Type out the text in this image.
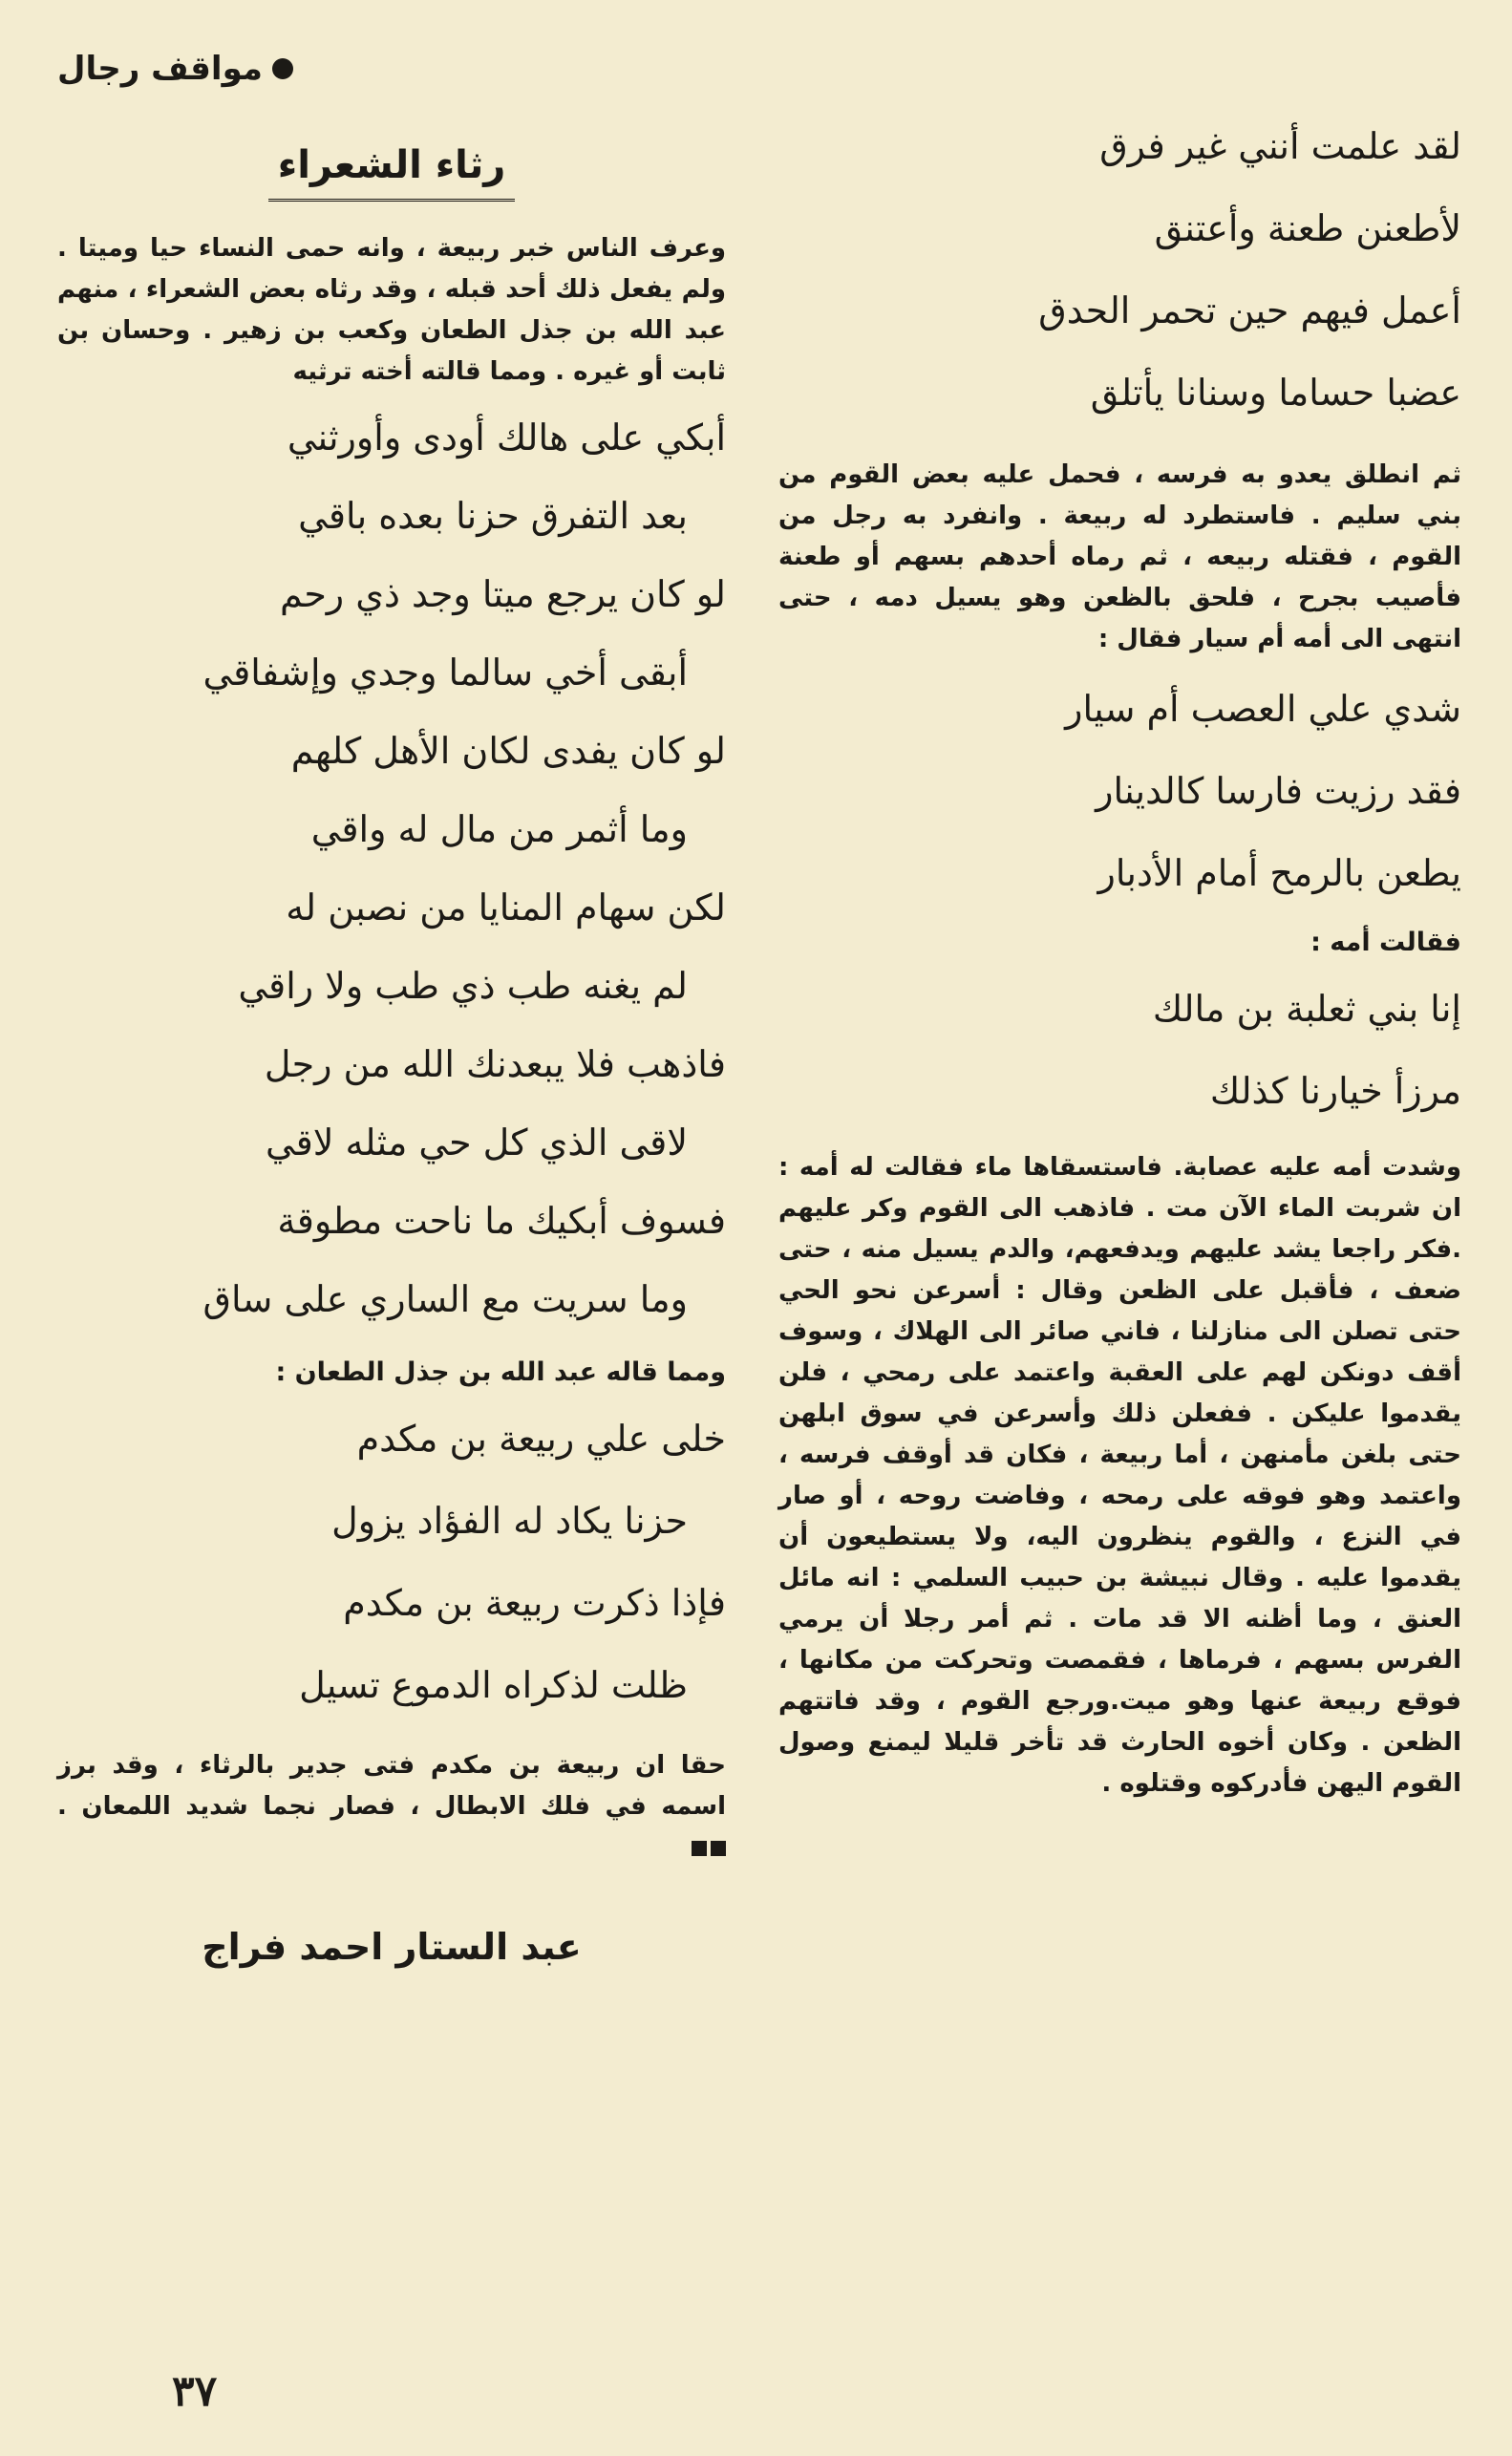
مواقف رجال
لقد علمت أنني غير فرق
لأطعنن طعنة وأعتنق
أعمل فيهم حين تحمر الحدق
عضبا حساما وسنانا يأتلق

ثم انطلق يعدو به فرسه ، فحمل عليه بعض القوم من بني سليم . فاستطرد له ربيعة . وانفرد به رجل من القوم ، فقتله ربيعه ، ثم رماه أحدهم بسهم أو طعنة فأصيب بجرح ، فلحق بالظعن وهو يسيل دمه ، حتى انتهى الى أمه أم سيار فقال :

شدي علي العصب أم سيار
فقد رزيت فارسا كالدينار
يطعن بالرمح أمام الأدبار
فقالت أمه :
إنا بني ثعلبة بن مالك
مرزأ خيارنا كذلك

وشدت أمه عليه عصابة. فاستسقاها ماء فقالت له أمه : ان شربت الماء الآن مت . فاذهب الى القوم وكر عليهم .فكر راجعا يشد عليهم ويدفعهم، والدم يسيل منه ، حتى ضعف ، فأقبل على الظعن وقال : أسرعن نحو الحي حتى تصلن الى منازلنا ، فاني صائر الى الهلاك ، وسوف أقف دونكن لهم على العقبة واعتمد على رمحي ، فلن يقدموا عليكن . ففعلن ذلك وأسرعن في سوق ابلهن حتى بلغن مأمنهن ، أما ربيعة ، فكان قد أوقف فرسه ، واعتمد وهو فوقه على رمحه ، وفاضت روحه ، أو صار في النزع ، والقوم ينظرون اليه، ولا يستطيعون أن يقدموا عليه . وقال نبيشة بن حبيب السلمي : انه مائل العنق ، وما أظنه الا قد مات . ثم أمر رجلا أن يرمي الفرس بسهم ، فرماها ، فقمصت وتحركت من مكانها ، فوقع ربيعة عنها وهو ميت.ورجع القوم ، وقد فاتتهم الظعن . وكان أخوه الحارث قد تأخر قليلا ليمنع وصول القوم اليهن فأدركوه وقتلوه .

رثاء الشعراء

وعرف الناس خبر ربيعة ، وانه حمى النساء حيا وميتا . ولم يفعل ذلك أحد قبله ، وقد رثاه بعض الشعراء ، منهم عبد الله بن جذل الطعان وكعب بن زهير . وحسان بن ثابت أو غيره . ومما قالته أخته ترثيه

أبكي على هالك أودى وأورثني
بعد التفرق حزنا بعده باقي
لو كان يرجع ميتا وجد ذي رحم
أبقى أخي سالما وجدي وإشفاقي
لو كان يفدى لكان الأهل كلهم
وما أثمر من مال له واقي
لكن سهام المنايا من نصبن له
لم يغنه طب ذي طب ولا راقي
فاذهب فلا يبعدنك الله من رجل
لاقى الذي كل حي مثله لاقي
فسوف أبكيك ما ناحت مطوقة
وما سريت مع الساري على ساق
ومما قاله عبد الله بن جذل الطعان :
خلى علي ربيعة بن مكدم
حزنا يكاد له الفؤاد يزول
فإذا ذكرت ربيعة بن مكدم
ظلت لذكراه الدموع تسيل

حقا ان ربيعة بن مكدم فتى جدير بالرثاء ، وقد برز اسمه في فلك الابطال ، فصار نجما شديد اللمعان .

عبد الستار احمد فراج
٣٧
